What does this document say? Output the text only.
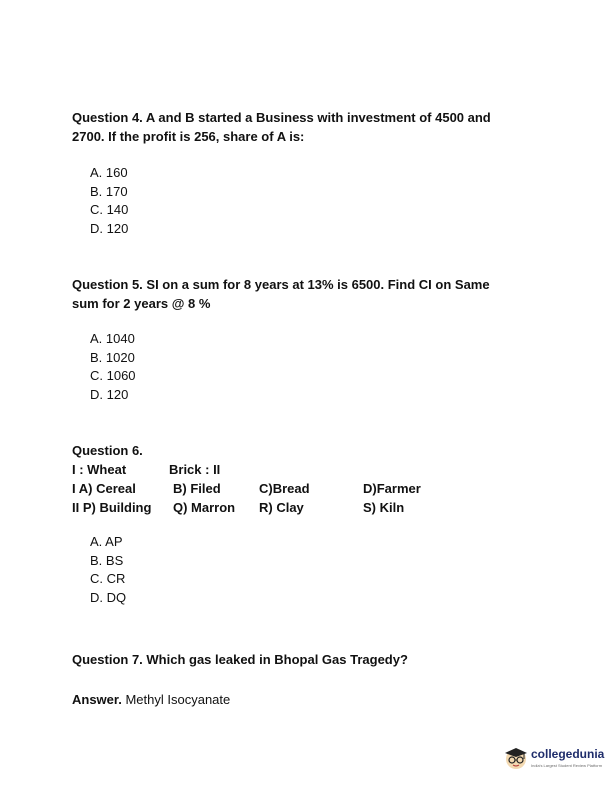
Question 4. A and B started a Business with investment of 4500 and
2700. If the profit is 256, share of A is:

A. 160
B. 170
C. 140
D. 120

Question 5. SI on a sum for 8 years at 13% is 6500. Find CI on Same
sum for 2 years @ 8 %

A. 1040
B. 1020
C. 1060
D. 120

Question 6.

I : Wheat	Brick : II
I A) Cereal	B) Filed	C)Bread	D)Farmer
II P) Building Q) Marron R) Clay	S) Kiln
A. AP
B. BS
C. CR
D. DQ

Question 7. Which gas leaked in Bhopal Gas Tragedy?

Answer. Methyl Isocyanate

collegedunia
India's Largest Student Review Platform
